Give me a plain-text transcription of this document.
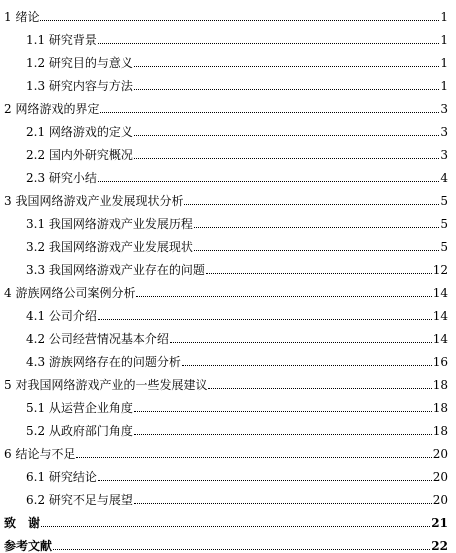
1 绪论	1
1.1 研究背景	1
1.2 研究目的与意义	1
1.3 研究内容与方法	1
2 网络游戏的界定	3
2.1 网络游戏的定义	3
2.2 国内外研究概况	3
2.3 研究小结	4
3 我国网络游戏产业发展现状分析	5
3.1 我国网络游戏产业发展历程	5
3.2 我国网络游戏产业发展现状	5
3.3 我国网络游戏产业存在的问题	12
4 游族网络公司案例分析	14
4.1 公司介绍	14
4.2 公司经营情况基本介绍	14
4.3 游族网络存在的问题分析	16
5 对我国网络游戏产业的一些发展建议	18
5.1 从运营企业角度	18
5.2 从政府部门角度	18
6 结论与不足	20
6.1 研究结论	20
6.2 研究不足与展望	20
致　谢	21
参考文献	22
